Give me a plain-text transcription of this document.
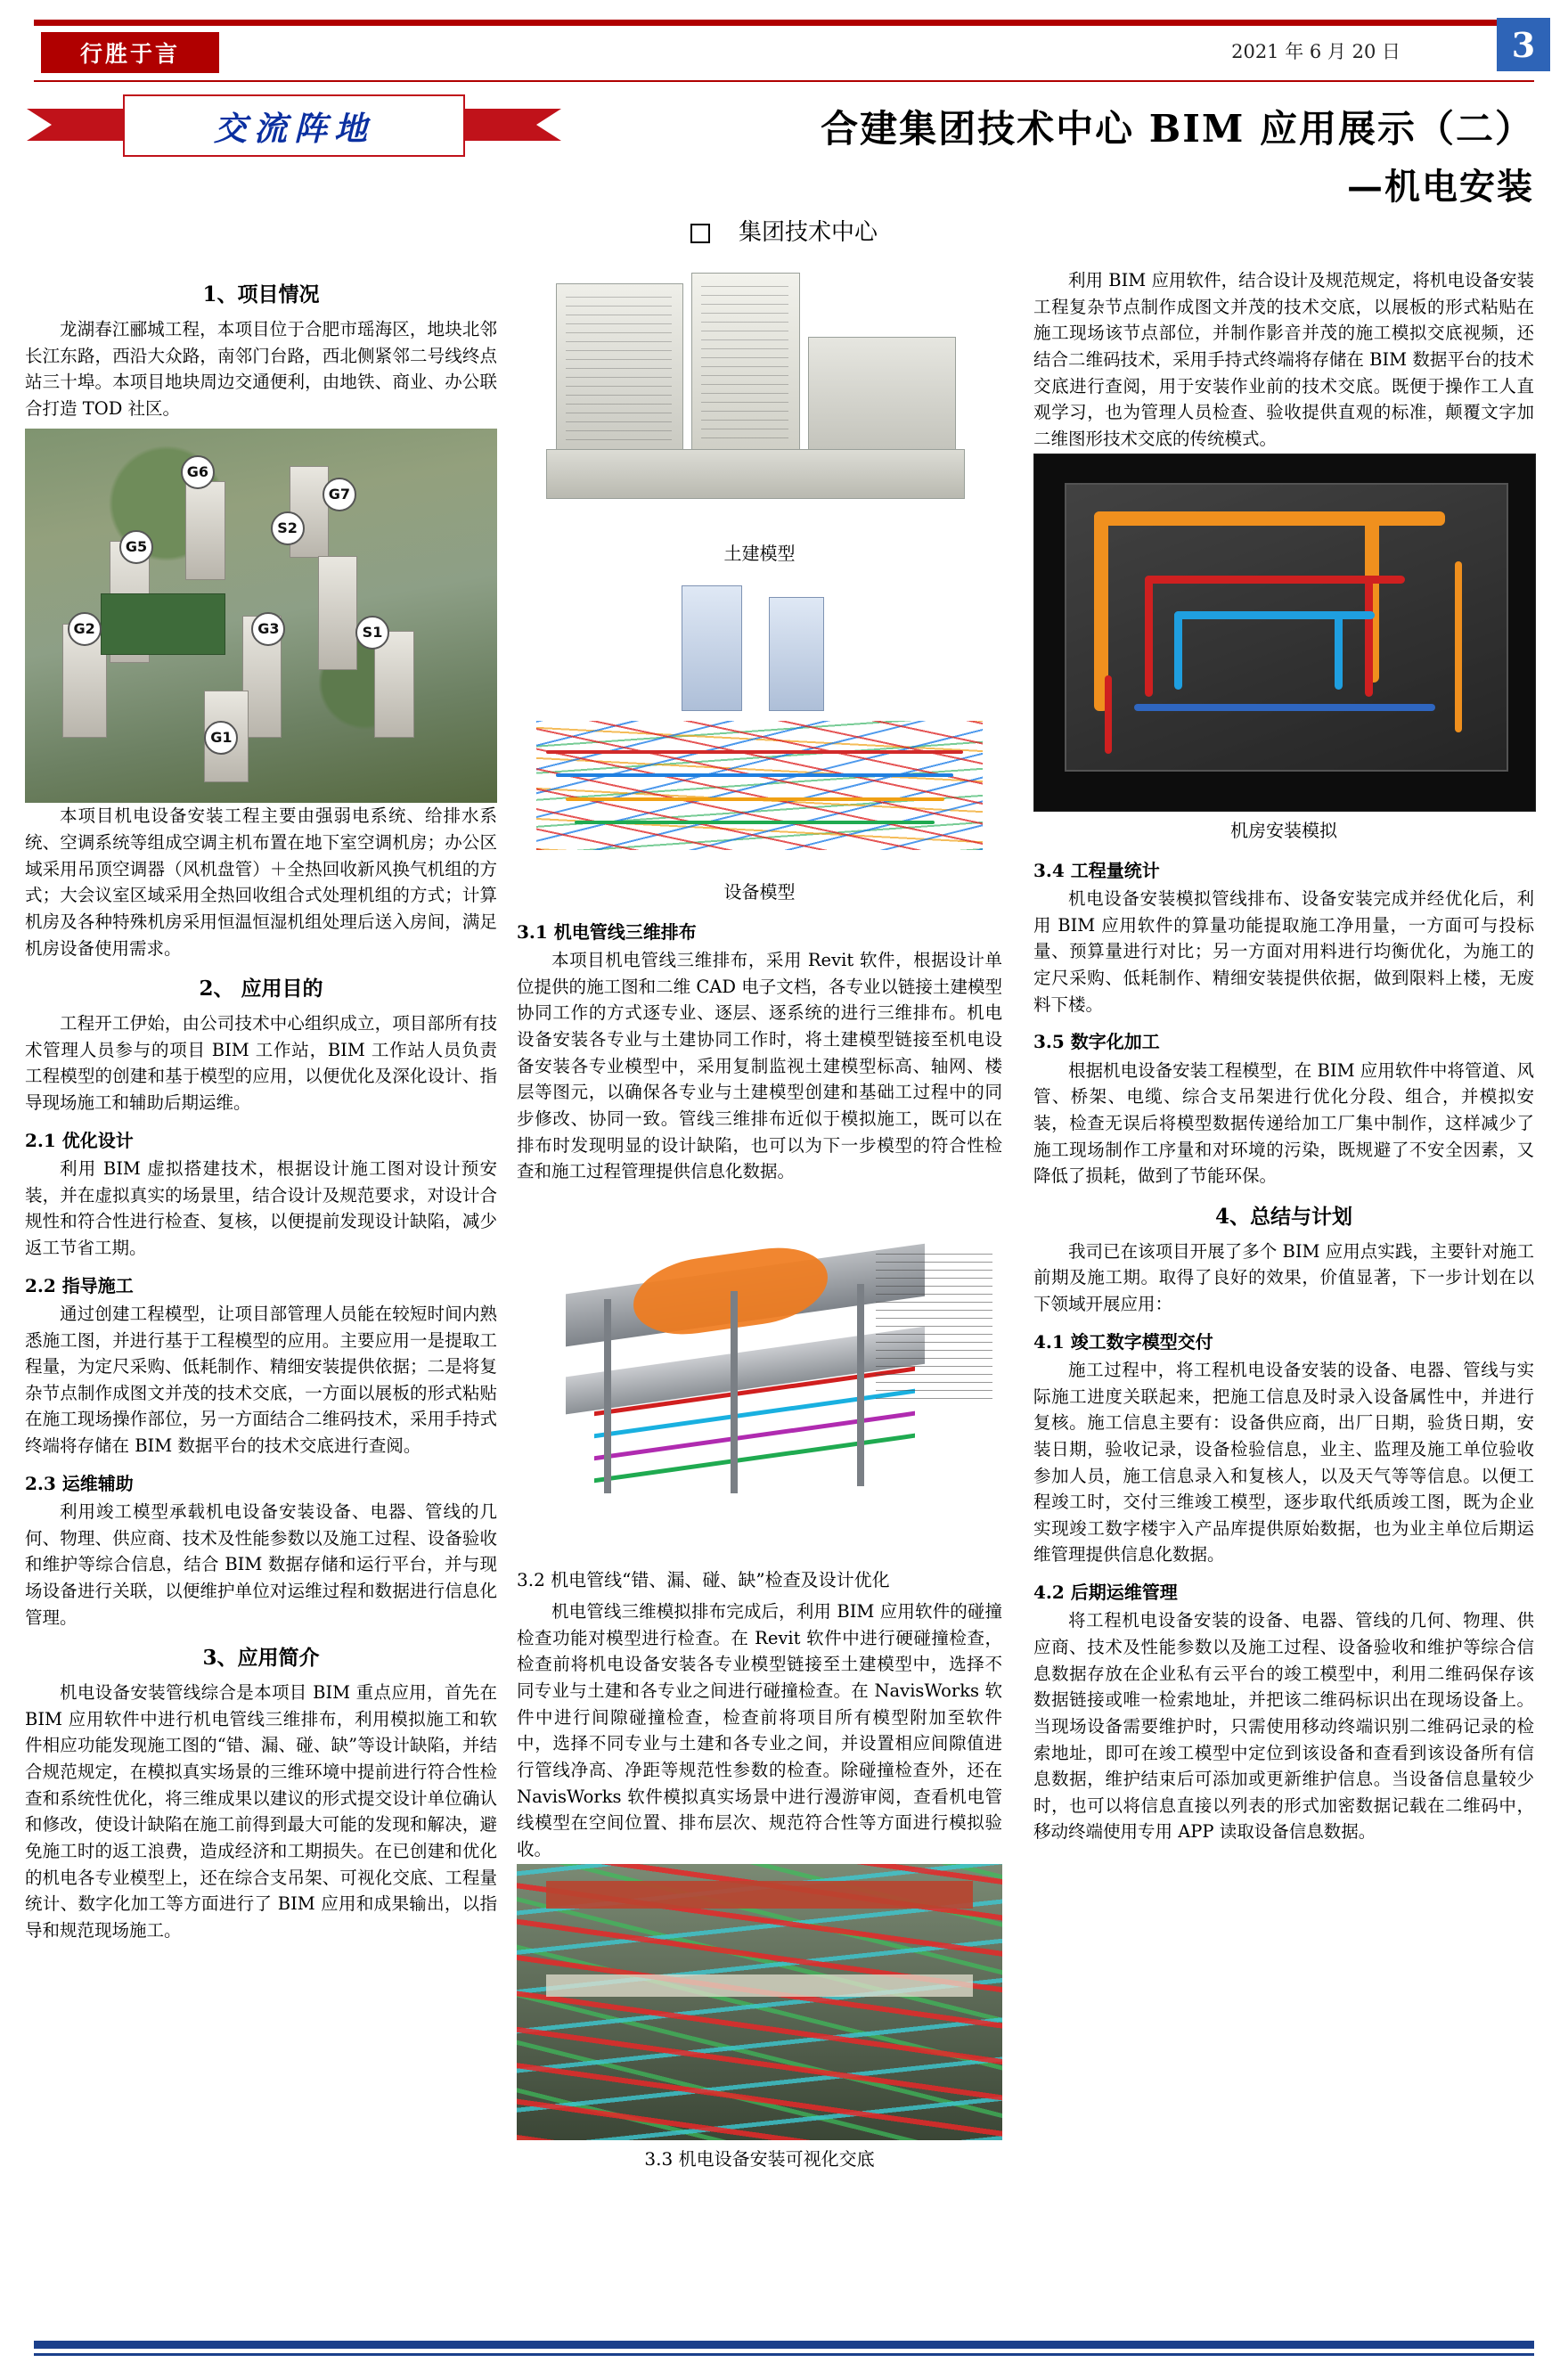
行胜于言	2021 年 6 月 20 日	3
交流阵地	合建集团技术中心 BIM 应用展示（二）
—机电安装
集团技术中心
1、项目情况

龙湖春江郦城工程，本项目位于合肥市瑶海区，地块北邻长江东路，西沿大众路，南邻门台路，西北侧紧邻二号线终点站三十埠。本项目地块周边交通便利，由地铁、商业、办公联合打造 TOD 社区。

G6
G7
S2
G5
G3	S1
G2
G1

本项目机电设备安装工程主要由强弱电系统、给排水系统、空调系统等组成空调主机布置在地下室空调机房；办公区域采用吊顶空调器（风机盘管）＋全热回收新风换气机组的方式；大会议室区域采用全热回收组合式处理机组的方式；计算机房及各种特殊机房采用恒温恒湿机组处理后送入房间，满足机房设备使用需求。

2、 应用目的

工程开工伊始，由公司技术中心组织成立，项目部所有技术管理人员参与的项目 BIM 工作站，BIM 工作站人员负责工程模型的创建和基于模型的应用，以便优化及深化设计、指导现场施工和辅助后期运维。

2.1 优化设计

利用 BIM 虚拟搭建技术，根据设计施工图对设计预安装，并在虚拟真实的场景里，结合设计及规范要求，对设计合规性和符合性进行检查、复核，以便提前发现设计缺陷，减少返工节省工期。

2.2 指导施工

通过创建工程模型，让项目部管理人员能在较短时间内熟悉施工图，并进行基于工程模型的应用。主要应用一是提取工程量，为定尺采购、低耗制作、精细安装提供依据；二是将复杂节点制作成图文并茂的技术交底，一方面以展板的形式粘贴在施工现场操作部位，另一方面结合二维码技术，采用手持式终端将存储在 BIM 数据平台的技术交底进行查阅。

2.3 运维辅助

利用竣工模型承载机电设备安装设备、电器、管线的几何、物理、供应商、技术及性能参数以及施工过程、设备验收和维护等综合信息，结合 BIM 数据存储和运行平台，并与现场设备进行关联，以便维护单位对运维过程和数据进行信息化管理。

3、应用简介

机电设备安装管线综合是本项目 BIM 重点应用，首先在 BIM 应用软件中进行机电管线三维排布，利用模拟施工和软件相应功能发现施工图的“错、漏、碰、缺”等设计缺陷，并结合规范规定，在模拟真实场景的三维环境中提前进行符合性检查和系统性优化，将三维成果以建议的形式提交设计单位确认和修改，使设计缺陷在施工前得到最大可能的发现和解决，避免施工时的返工浪费，造成经济和工期损失。在已创建和优化的机电各专业模型上，还在综合支吊架、可视化交底、工程量统计、数字化加工等方面进行了 BIM 应用和成果输出，以指导和规范现场施工。

土建模型
设备模型
3.1 机电管线三维排布

本项目机电管线三维排布，采用 Revit 软件，根据设计单位提供的施工图和二维 CAD 电子文档，各专业以链接土建模型协同工作的方式逐专业、逐层、逐系统的进行三维排布。机电设备安装各专业与土建协同工作时，将土建模型链接至机电设备安装各专业模型中，采用复制监视土建模型标高、轴网、楼层等图元，以确保各专业与土建模型创建和基础工过程中的同步修改、协同一致。管线三维排布近似于模拟施工，既可以在排布时发现明显的设计缺陷，也可以为下一步模型的符合性检查和施工过程管理提供信息化数据。

3.2 机电管线“错、漏、碰、缺”检查及设计优化

机电管线三维模拟排布完成后，利用 BIM 应用软件的碰撞检查功能对模型进行检查。在 Revit 软件中进行硬碰撞检查，检查前将机电设备安装各专业模型链接至土建模型中，选择不同专业与土建和各专业之间进行碰撞检查。在 NavisWorks 软件中进行间隙碰撞检查，检查前将项目所有模型附加至软件中，选择不同专业与土建和各专业之间，并设置相应间隙值进行管线净高、净距等规范性参数的检查。除碰撞检查外，还在 NavisWorks 软件模拟真实场景中进行漫游审阅，查看机电管线模型在空间位置、排布层次、规范符合性等方面进行模拟验收。

3.3 机电设备安装可视化交底

利用 BIM 应用软件，结合设计及规范规定，将机电设备安装工程复杂节点制作成图文并茂的技术交底，以展板的形式粘贴在施工现场该节点部位，并制作影音并茂的施工模拟交底视频，还结合二维码技术，采用手持式终端将存储在 BIM 数据平台的技术交底进行查阅，用于安装作业前的技术交底。既便于操作工人直观学习，也为管理人员检查、验收提供直观的标准，颠覆文字加二维图形技术交底的传统模式。

机房安装模拟
3.4 工程量统计

机电设备安装模拟管线排布、设备安装完成并经优化后，利用 BIM 应用软件的算量功能提取施工净用量，一方面可与投标量、预算量进行对比；另一方面对用料进行均衡优化，为施工的定尺采购、低耗制作、精细安装提供依据，做到限料上楼，无废料下楼。

3.5 数字化加工

根据机电设备安装工程模型，在 BIM 应用软件中将管道、风管、桥架、电缆、综合支吊架进行优化分段、组合，并模拟安装，检查无误后将模型数据传递给加工厂集中制作，这样减少了施工现场制作工序量和对环境的污染，既规避了不安全因素，又降低了损耗，做到了节能环保。

4、总结与计划

我司已在该项目开展了多个 BIM 应用点实践，主要针对施工前期及施工期。取得了良好的效果，价值显著，下一步计划在以下领域开展应用：

4.1 竣工数字模型交付

施工过程中，将工程机电设备安装的设备、电器、管线与实际施工进度关联起来，把施工信息及时录入设备属性中，并进行复核。施工信息主要有：设备供应商，出厂日期，验货日期，安装日期，验收记录，设备检验信息，业主、监理及施工单位验收参加人员，施工信息录入和复核人，以及天气等等信息。以便工程竣工时，交付三维竣工模型，逐步取代纸质竣工图，既为企业实现竣工数字楼宇入产品库提供原始数据，也为业主单位后期运维管理提供信息化数据。

4.2 后期运维管理

将工程机电设备安装的设备、电器、管线的几何、物理、供应商、技术及性能参数以及施工过程、设备验收和维护等综合信息数据存放在企业私有云平台的竣工模型中，利用二维码保存该数据链接或唯一检索地址，并把该二维码标识出在现场设备上。当现场设备需要维护时，只需使用移动终端识别二维码记录的检索地址，即可在竣工模型中定位到该设备和查看到该设备所有信息数据，维护结束后可添加或更新维护信息。当设备信息量较少时，也可以将信息直接以列表的形式加密数据记载在二维码中，移动终端使用专用 APP 读取设备信息数据。
